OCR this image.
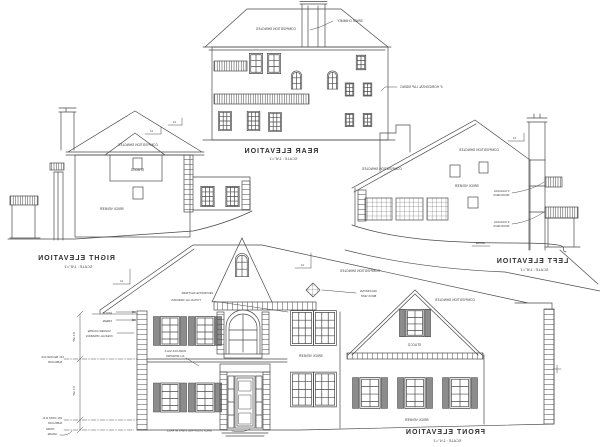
COMPOSITION SHINGLES
BRICK CHIMNEY
4" HORIZONTAL LAP SIDING
REAR ELEVATION
SCALE: 1/8"=1'
12
12
COMPOSITION SHINGLES
STUCCO
BRICK VENEER
RIGHT ELEVATION
SCALE: 1/8"=1'
12
COMPOSITION SHINGLES
COMPOSITION SHINGLES
BRICK VENEER
6' HIGH RAIL
WOOD DECK
6' HIGH RAIL
WOOD DECK
GRADE
LEFT ELEVATION
SCALE: 1/8"=1'
8'-1 1/8"
9'-1 1/8"
FIN. SECOND FLR.
SUBFLOOR
FIN. FIRST FLR.
SUBFLOOR
FINISH
GRADE
FASCIA
FRIEZE
SOLDIER COURSE
OVER ALL OPENINGS
ROWLOCK SILLS
ALL WINDOWS
DECORATIVE SHUTTERS
TYPICAL ALL WINDOWS
12
12
COMPOSITION SHINGLES
COMPOSITION SHINGLES
DECORATIVE
BRICK VENT
STUCCO
BRICK VENEER
BRICK VENEER
BRICK STOOP AND STEPS W/ RAILS	FRONT ELEVATION
SCALE: 1/4"=1'
